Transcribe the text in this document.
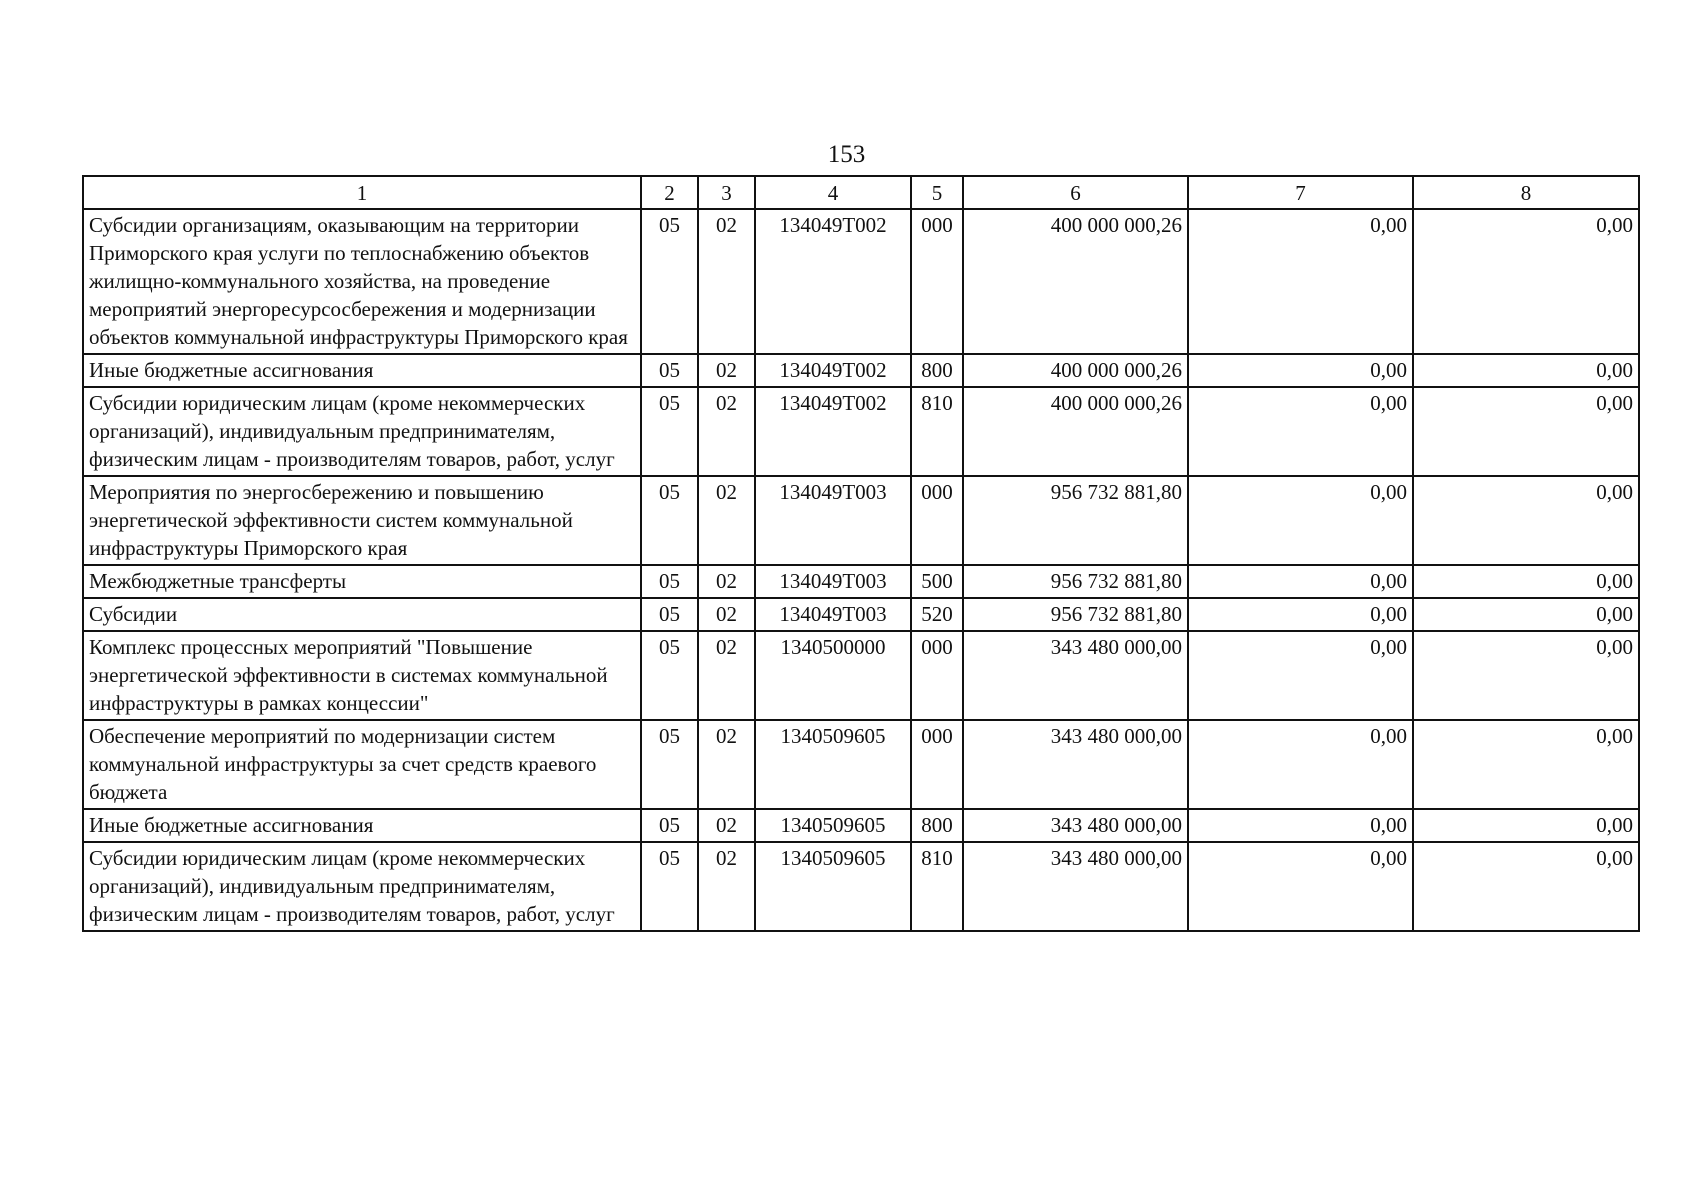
153
1	2	3	4	5	6	7	8
Субсидии организациям, оказывающим на территории Приморского края услуги по теплоснабжению объектов жилищно-коммунального хозяйства, на проведение мероприятий энергоресурсосбережения и модернизации объектов коммунальной инфраструктуры Приморского края	05	02	134049Т002	000	400 000 000,26	0,00	0,00
Иные бюджетные ассигнования	05	02	134049Т002	800	400 000 000,26	0,00	0,00
Субсидии юридическим лицам (кроме некоммерческих организаций), индивидуальным предпринимателям, физическим лицам - производителям товаров, работ, услуг	05	02	134049Т002	810	400 000 000,26	0,00	0,00
Мероприятия по энергосбережению и повышению энергетической эффективности систем коммунальной инфраструктуры Приморского края	05	02	134049Т003	000	956 732 881,80	0,00	0,00
Межбюджетные трансферты	05	02	134049Т003	500	956 732 881,80	0,00	0,00
Субсидии	05	02	134049Т003	520	956 732 881,80	0,00	0,00
Комплекс процессных мероприятий "Повышение энергетической эффективности в системах коммунальной инфраструктуры в рамках концессии"	05	02	1340500000	000	343 480 000,00	0,00	0,00
Обеспечение мероприятий по модернизации систем коммунальной инфраструктуры за счет средств краевого бюджета	05	02	1340509605	000	343 480 000,00	0,00	0,00
Иные бюджетные ассигнования	05	02	1340509605	800	343 480 000,00	0,00	0,00
Субсидии юридическим лицам (кроме некоммерческих организаций), индивидуальным предпринимателям, физическим лицам - производителям товаров, работ, услуг	05	02	1340509605	810	343 480 000,00	0,00	0,00
